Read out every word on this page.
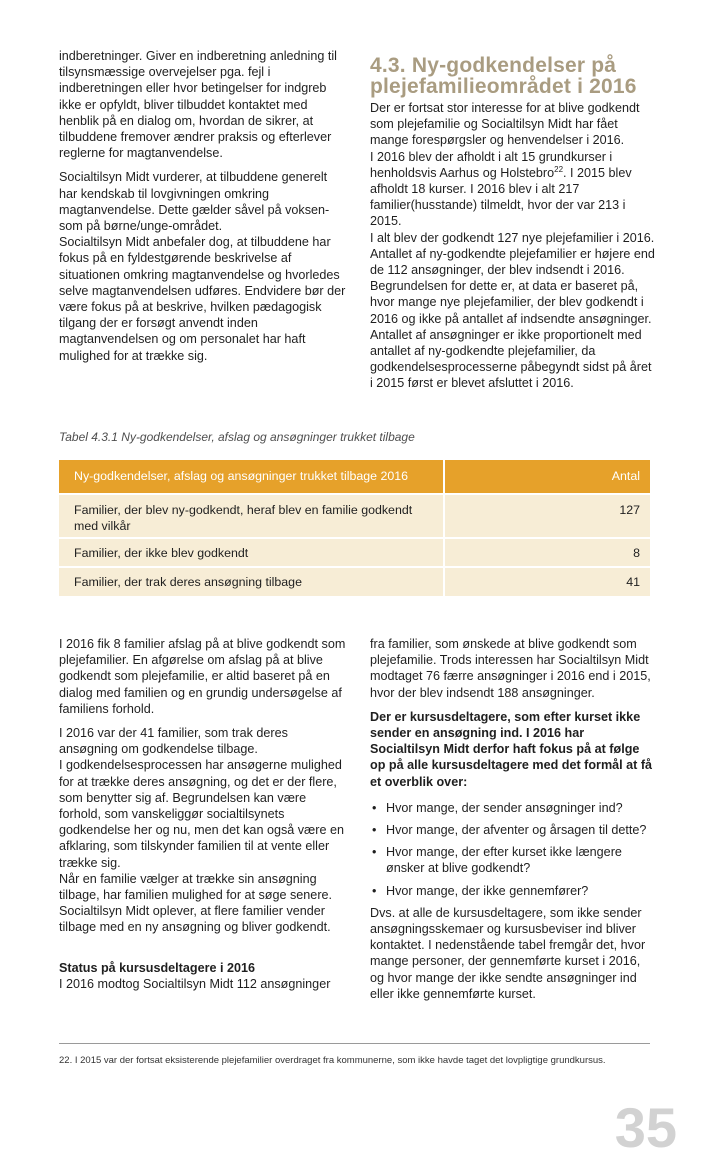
indberetninger. Giver en indberetning anledning til tilsynsmæssige overvejelser pga. fejl i indberetningen eller hvor betingelser for indgreb ikke er opfyldt, bliver tilbuddet kontaktet med henblik på en dialog om, hvordan de sikrer, at tilbuddene fremover ændrer praksis og efterlever reglerne for magtanvendelse.

Socialtilsyn Midt vurderer, at tilbuddene generelt har kendskab til lovgivningen omkring magtanvendelse. Dette gælder såvel på voksen- som på børne/unge-området.

Socialtilsyn Midt anbefaler dog, at tilbuddene har fokus på en fyldestgørende beskrivelse af situationen omkring magtanvendelse og hvorledes selve magtanvendelsen udføres. Endvidere bør der være fokus på at beskrive, hvilken pædagogisk tilgang der er forsøgt anvendt inden magtanvendelsen og om personalet har haft mulighed for at trække sig.

4.3. Ny-godkendelser på plejefamilieområdet i 2016

Der er fortsat stor interesse for at blive godkendt som plejefamilie og Socialtilsyn Midt har fået mange forespørgsler og henvendelser i 2016.

I 2016 blev der afholdt i alt 15 grundkurser i henholdsvis Aarhus og Holstebro$^{22}$. I 2015 blev afholdt 18 kurser. I 2016 blev i alt 217 familier(husstande) tilmeldt, hvor der var 213 i 2015.

I alt blev der godkendt 127 nye plejefamilier i 2016. Antallet af ny-godkendte plejefamilier er højere end de 112 ansøgninger, der blev indsendt i 2016. Begrundelsen for dette er, at data er baseret på, hvor mange nye plejefamilier, der blev godkendt i 2016 og ikke på antallet af indsendte ansøgninger.

Antallet af ansøgninger er ikke proportionelt med antallet af ny-godkendte plejefamilier, da godkendelsesprocesserne påbegyndt sidst på året i 2015 først er blevet afsluttet i 2016.

Tabel 4.3.1 Ny-godkendelser, afslag og ansøgninger trukket tilbage
Ny-godkendelser, afslag og ansøgninger trukket tilbage 2016	Antal
Familier, der blev ny-godkendt, heraf blev en familie godkendt med vilkår	127
Familier, der ikke blev godkendt	8
Familier, der trak deres ansøgning tilbage	41

I 2016 fik 8 familier afslag på at blive godkendt som plejefamilier. En afgørelse om afslag på at blive godkendt som plejefamilie, er altid baseret på en dialog med familien og en grundig undersøgelse af familiens forhold.

I 2016 var der 41 familier, som trak deres ansøgning om godkendelse tilbage.

I godkendelsesprocessen har ansøgerne mulighed for at trække deres ansøgning, og det er der flere, som benytter sig af. Begrundelsen kan være forhold, som vanskeliggør socialtilsynets godkendelse her og nu, men det kan også være en afklaring, som tilskynder familien til at vente eller trække sig.

Når en familie vælger at trække sin ansøgning tilbage, har familien mulighed for at søge senere. Socialtilsyn Midt oplever, at flere familier vender tilbage med en ny ansøgning og bliver godkendt.

Status på kursusdeltagere i 2016

I 2016 modtog Socialtilsyn Midt 112 ansøgninger

fra familier, som ønskede at blive godkendt som plejefamilie. Trods interessen har Socialtilsyn Midt modtaget 76 færre ansøgninger i 2016 end i 2015, hvor der blev indsendt 188 ansøgninger.

Der er kursusdeltagere, som efter kurset ikke sender en ansøgning ind. I 2016 har Socialtilsyn Midt derfor haft fokus på at følge op på alle kursusdeltagere med det formål at få et overblik over:

• Hvor mange, der sender ansøgninger ind?
• Hvor mange, der afventer og årsagen til dette?
• Hvor mange, der efter kurset ikke længere ønsker at blive godkendt?
• Hvor mange, der ikke gennemfører?

Dvs. at alle de kursusdeltagere, som ikke sender ansøgningsskemaer og kursusbeviser ind bliver kontaktet. I nedenstående tabel fremgår det, hvor mange personer, der gennemførte kurset i 2016, og hvor mange der ikke sendte ansøgninger ind eller ikke gennemførte kurset.

22. I 2015 var der fortsat eksisterende plejefamilier overdraget fra kommunerne, som ikke havde taget det lovpligtige grundkursus.
35
